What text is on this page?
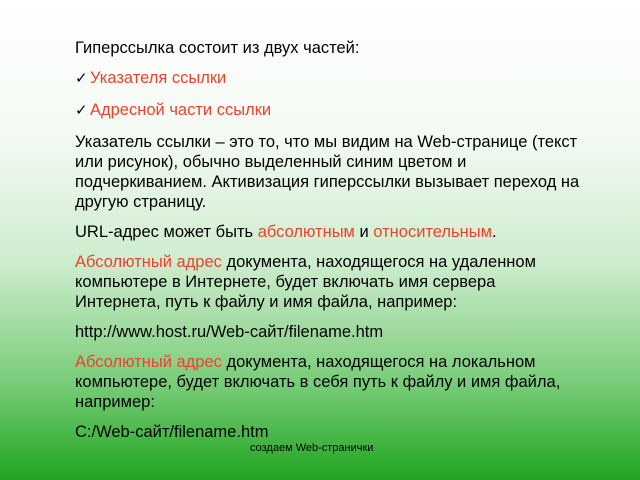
Гиперссылка состоит из двух частей:

✓ Указателя ссылки
✓ Адресной части ссылки

Указатель ссылки – это то, что мы видим на Web-странице (текст или рисунок), обычно выделенный синим цветом и подчеркиванием. Активизация гиперссылки вызывает переход на другую страницу.

URL-адрес может быть абсолютным и относительным.

Абсолютный адрес документа, находящегося на удаленном компьютере в Интернете, будет включать имя сервера Интернета, путь к файлу и имя файла, например:

http://www.host.ru/Web-сайт/filename.htm

Абсолютный адрес документа, находящегося на локальном компьютере, будет включать в себя путь к файлу и имя файла, например:

C:/Web-сайт/filename.htm

создаем Web-странички
